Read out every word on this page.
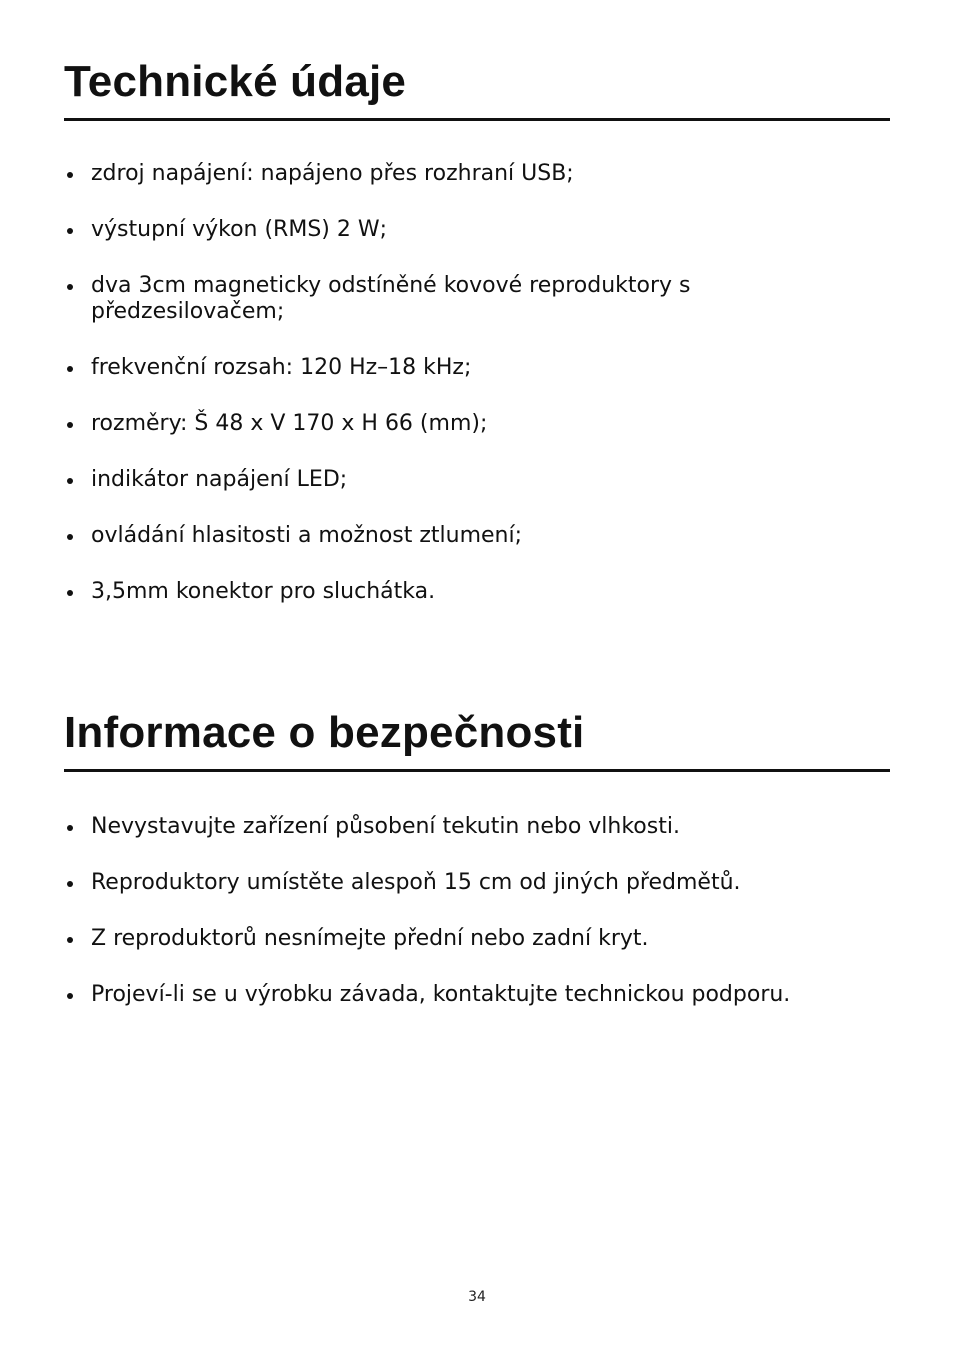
Technické údaje
zdroj napájení: napájeno přes rozhraní USB;
výstupní výkon (RMS) 2 W;
dva 3cm magneticky odstíněné kovové reproduktory s předzesilovačem;
frekvenční rozsah: 120 Hz–18 kHz;
rozměry: Š 48 x V 170 x H 66 (mm);
indikátor napájení LED;
ovládání hlasitosti a možnost ztlumení;
3,5mm konektor pro sluchátka.
Informace o bezpečnosti
Nevystavujte zařízení působení tekutin nebo vlhkosti.
Reproduktory umístěte alespoň 15 cm od jiných předmětů.
Z reproduktorů nesnímejte přední nebo zadní kryt.
Projeví-li se u výrobku závada, kontaktujte technickou podporu.
34
